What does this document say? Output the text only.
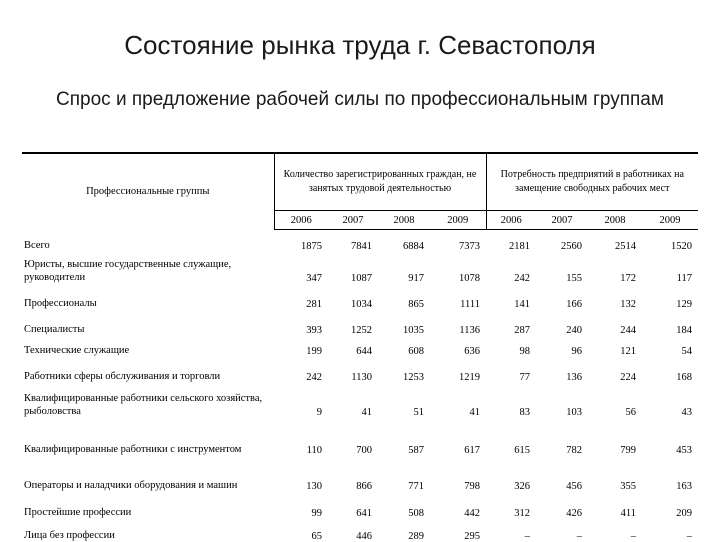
Состояние рынка труда г. Севастополя
Спрос и предложение рабочей силы по профессиональным группам
Профессиональные группы	Количество зарегистрированных граждан, не занятых трудовой деятельностью				Потребность предприятий в работниках на замещение свободных рабочих мест			
	2006	2007	2008	2009	2006	2007	2008	2009
Всего	1875	7841	6884	7373	2181	2560	2514	1520
Юристы, высшие государственные служащие, руководители	347	1087	917	1078	242	155	172	117
Профессионалы	281	1034	865	1111	141	166	132	129
Специалисты	393	1252	1035	1136	287	240	244	184
Технические служащие	199	644	608	636	98	96	121	54
Работники сферы обслуживания и торговли	242	1130	1253	1219	77	136	224	168
Квалифицированные работники сельского хозяйства, рыболовства	9	41	51	41	83	103	56	43
Квалифицированные работники с инструментом	110	700	587	617	615	782	799	453
Операторы и наладчики оборудования и машин	130	866	771	798	326	456	355	163
Простейшие профессии	99	641	508	442	312	426	411	209
Лица без профессии	65	446	289	295	–	–	–	–
